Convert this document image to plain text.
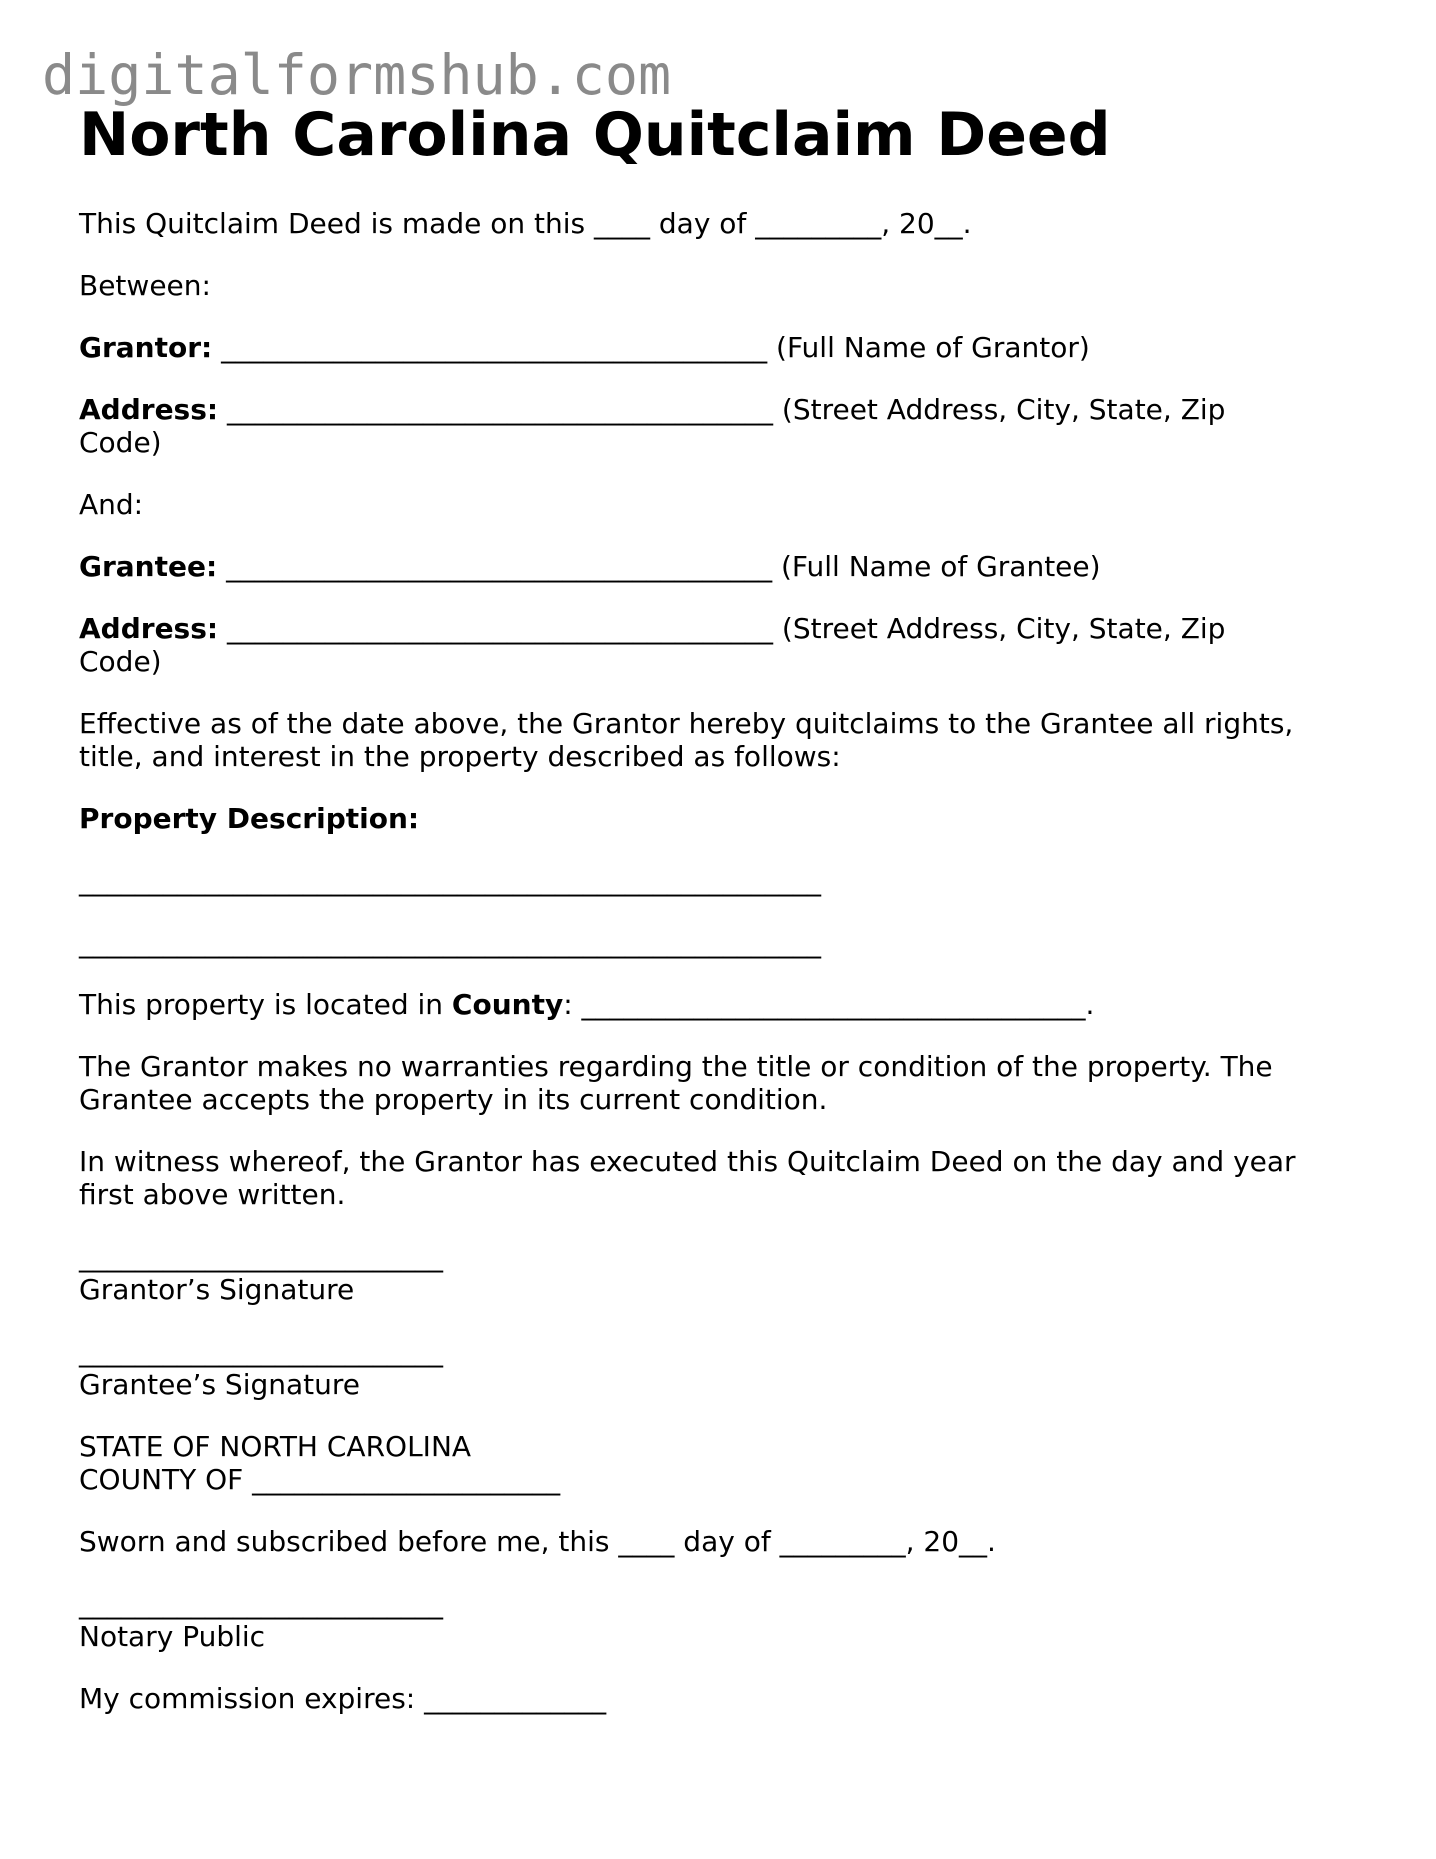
digitalformshub.com
North Carolina Quitclaim Deed

This Quitclaim Deed is made on this ____ day of _________, 20__.

Between:

Grantor: _______________________________________ (Full Name of Grantor)

Address: _______________________________________ (Street Address, City, State, Zip

Code)

And:

Grantee: _______________________________________ (Full Name of Grantee)

Address: _______________________________________ (Street Address, City, State, Zip

Code)

Effective as of the date above, the Grantor hereby quitclaims to the Grantee all rights,

title, and interest in the property described as follows:

Property Description:

_____________________________________________________

_____________________________________________________

This property is located in County: ____________________________________.

The Grantor makes no warranties regarding the title or condition of the property. The

Grantee accepts the property in its current condition.

In witness whereof, the Grantor has executed this Quitclaim Deed on the day and year

first above written.

__________________________

Grantor’s Signature

__________________________

Grantee’s Signature

STATE OF NORTH CAROLINA

COUNTY OF ______________________

Sworn and subscribed before me, this ____ day of _________, 20__.

__________________________

Notary Public

My commission expires: _____________
